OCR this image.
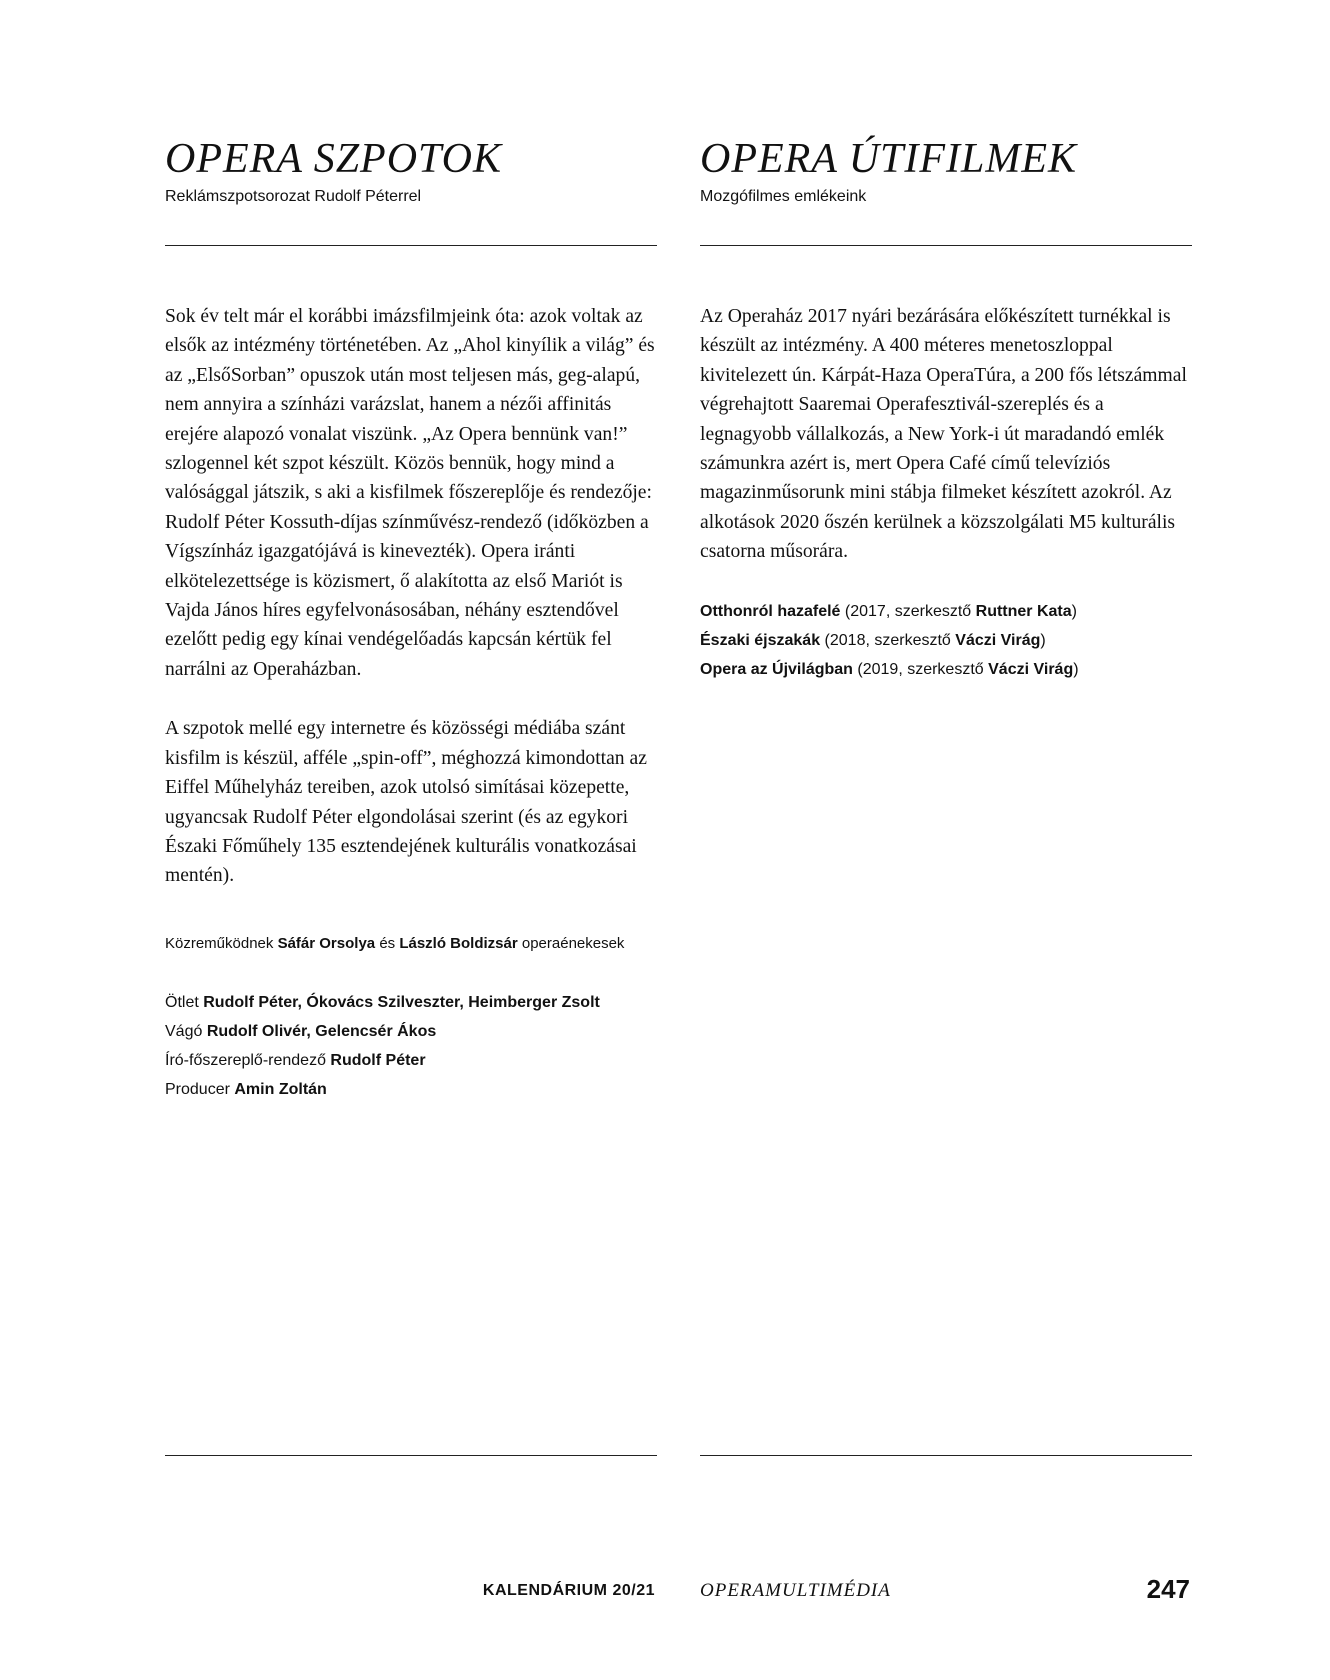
OPERA SZPOTOK

Reklámszpotsorozat Rudolf Péterrel

Sok év telt már el korábbi imázsfilmjeink óta: azok voltak az elsők az intézmény történetében. Az „Ahol kinyílik a világ” és az „ElsőSorban” opuszok után most teljesen más, geg-alapú, nem annyira a színházi varázslat, hanem a nézői affinitás erejére alapozó vonalat viszünk. „Az Opera bennünk van!” szlogennel két szpot készült. Közös bennük, hogy mind a valósággal játszik, s aki a kisfilmek főszereplője és rendezője: Rudolf Péter Kossuth-díjas színművész-rendező (időközben a Vígszínház igazgatójává is kinevezték). Opera iránti elkötelezettsége is közismert, ő alakította az első Mariót is Vajda János híres egyfelvonásosában, néhány esztendővel ezelőtt pedig egy kínai vendégelőadás kapcsán kértük fel narrálni az Operaházban.

A szpotok mellé egy internetre és közösségi médiába szánt kisfilm is készül, afféle „spin-off”, méghozzá kimondottan az Eiffel Műhelyház tereiben, azok utolsó simításai közepette, ugyancsak Rudolf Péter elgondolásai szerint (és az egykori Északi Főműhely 135 esztendejének kulturális vonatkozásai mentén).

Közreműködnek Sáfár Orsolya és László Boldizsár operaénekesek

Ötlet Rudolf Péter, Ókovács Szilveszter, Heimberger Zsolt

Vágó Rudolf Olivér, Gelencsér Ákos

Író-főszereplő-rendező Rudolf Péter

Producer Amin Zoltán

OPERA ÚTIFILMEK

Mozgófilmes emlékeink

Az Operaház 2017 nyári bezárására előkészített turnékkal is készült az intézmény. A 400 méteres menetoszloppal kivitelezett ún. Kárpát-Haza OperaTúra, a 200 fős létszámmal végrehajtott Saaremai Operafesztivál-szereplés és a legnagyobb vállalkozás, a New York-i út maradandó emlék számunkra azért is, mert Opera Café című televíziós magazinműsorunk mini stábja filmeket készített azokról. Az alkotások 2020 őszén kerülnek a közszolgálati M5 kulturális csatorna műsorára.

Otthonról hazafelé (2017, szerkesztő Ruttner Kata)

Északi éjszakák (2018, szerkesztő Váczi Virág)

Opera az Újvilágban (2019, szerkesztő Váczi Virág)

KALENDÁRIUM 20/21 OPERAMULTIMÉDIA	247
